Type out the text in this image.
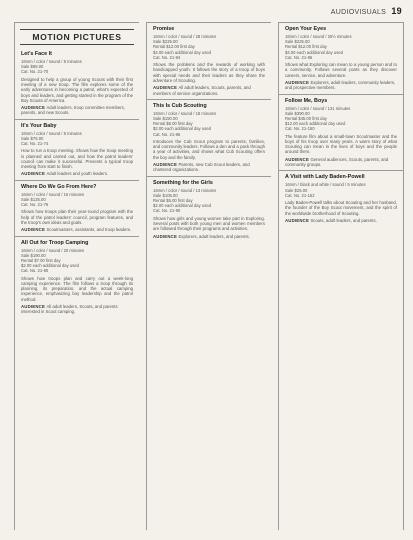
AUDIOVISUALS 19
MOTION PICTURES
Let's Face It
16mm / color / sound / 8 minutes
Sale $98.00
Cat. No. 21-70

Designed to help a group of young Scouts with their first meeting of a new troop. The film explores some of the early adventures in becoming a patrol, what's expected of boys and leaders, and getting started in the program of the Boy Scouts of America.

AUDIENCE Adult leaders, troop committee members, parents, and new Scouts.

It's Your Baby
16mm / color / sound / 8 minutes
Sale $75.00
Cat. No. 21-74

How to run a troop meeting. Shows how the troop meeting is planned and carried out, and how the patrol leaders' council can make it successful. Presents a typical troop meeting from start to finish.

AUDIENCE Adult leaders and youth leaders.

Where Do We Go From Here?
16mm / color / sound / 16 minutes
Sale $125.00
Cat. No. 21-76

Shows how troops plan their year-round program with the help of the patrol leaders' council, program features, and the troop's own ideas and goals.

AUDIENCE Scoutmasters, assistants, and troop leaders.

All Out for Troop Camping
16mm / color / sound / 20 minutes
Sale $190.00
Rental $7.00 first day
$2.00 each additional day used
Cat. No. 21-80

Shows how troops plan and carry out a week-long camping experience. The film follows a troop through its planning, its preparation, and the actual camping experience, emphasizing boy leadership and the patrol method.

AUDIENCE All adult leaders, Scouts, and parents interested in Scout camping.

Promise
16mm / color / sound / 28 minutes
Sale $225.00
Rental $12.00 first day
$4.00 each additional day used
Cat. No. 21-84

Shows the problems and the rewards of working with handicapped youth. It follows the story of a troop of boys with special needs and their leaders as they share the adventure of Scouting.

AUDIENCE All adult leaders, Scouts, parents, and members of service organizations.

This Is Cub Scouting
16mm / color / sound / 18 minutes
Sale $150.00
Rental $6.00 first day
$2.00 each additional day used
Cat. No. 21-86

Introduces the Cub Scout program to parents, families, and community leaders. Follows a den and a pack through a year of activities, and shows what Cub Scouting offers the boy and the family.

AUDIENCE Parents, new Cub Scout leaders, and chartered organizations.

Something for the Girls
16mm / color / sound / 13 minutes
Sale $105.00
Rental $5.00 first day
$2.00 each additional day used
Cat. No. 21-90

Shows how girls and young women take part in Exploring. Several posts with both young men and women members are followed through their programs and activities.

AUDIENCE Explorers, adult leaders, and parents.

Open Your Eyes
16mm / color / sound / 25½ minutes
Sale $225.00
Rental $12.00 first day
$4.00 each additional day used
Cat. No. 21-96

Shows what Exploring can mean to a young person and to a community. Follows several posts as they discover careers, service, and adventure.

AUDIENCE Explorers, adult leaders, community leaders, and prospective members.

Follow Me, Boys
16mm / color / sound / 131 minutes
Sale $390.00
Rental $45.00 first day
$12.00 each additional day used
Cat. No. 21-150

The feature film about a small-town Scoutmaster and the boys of his troop over many years. A warm story of what Scouting can mean in the lives of boys and the people around them.

AUDIENCE General audiences, Scouts, parents, and community groups.

A Visit with Lady Baden-Powell
16mm / black and white / sound / 5 minutes
Sale $25.00
Cat. No. 21-152

Lady Baden-Powell talks about Scouting and her husband, the founder of the Boy Scout movement, and the spirit of the worldwide brotherhood of Scouting.

AUDIENCE Scouts, adult leaders, and parents.
